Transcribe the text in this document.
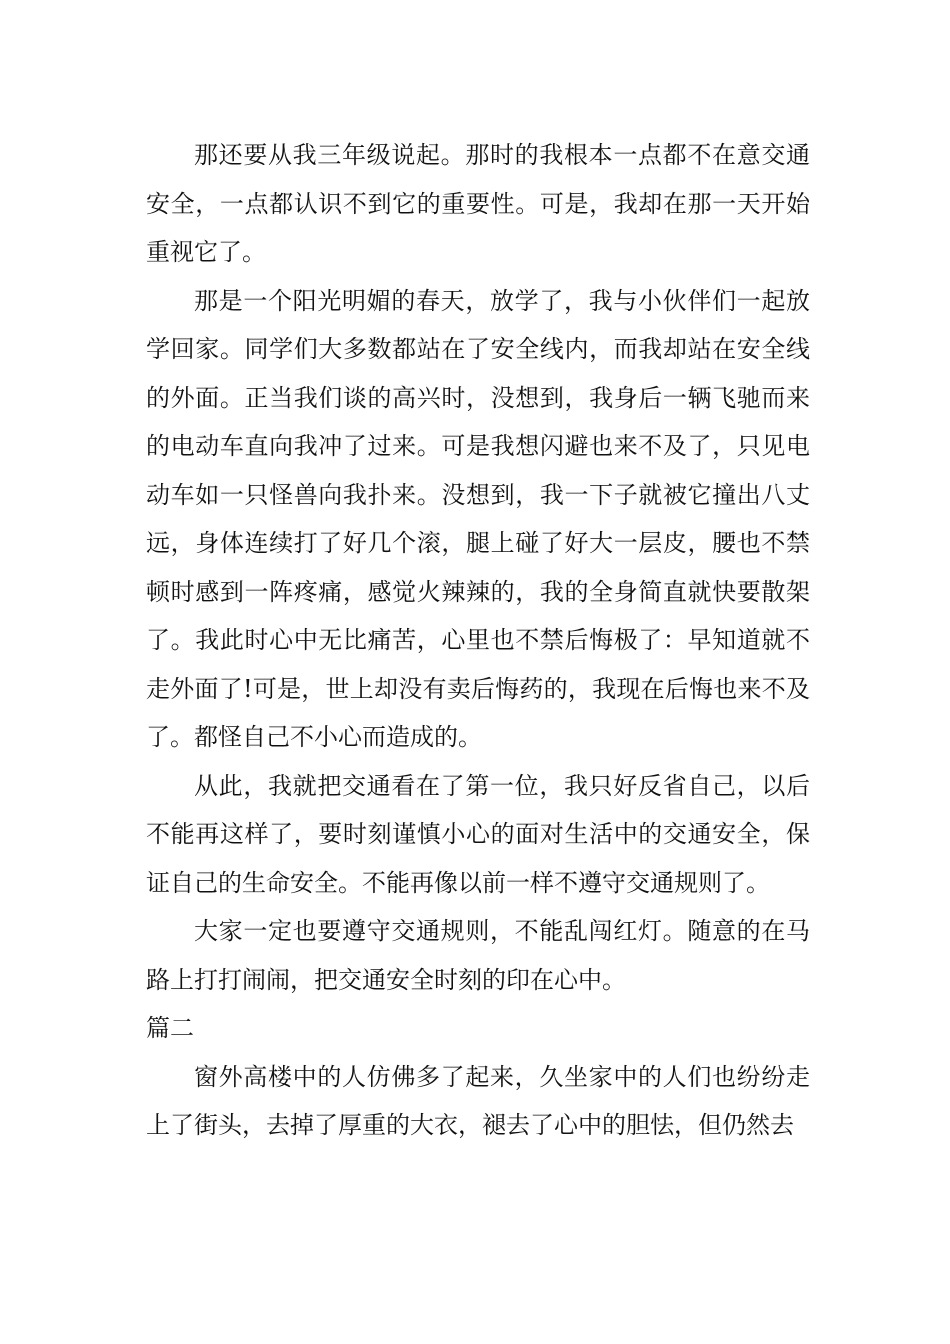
那还要从我三年级说起。那时的我根本一点都不在意交通安全，一点都认识不到它的重要性。可是，我却在那一天开始重视它了。

那是一个阳光明媚的春天，放学了，我与小伙伴们一起放学回家。同学们大多数都站在了安全线内，而我却站在安全线的外面。正当我们谈的高兴时，没想到，我身后一辆飞驰而来的电动车直向我冲了过来。可是我想闪避也来不及了，只见电动车如一只怪兽向我扑来。没想到，我一下子就被它撞出八丈远，身体连续打了好几个滚，腿上碰了好大一层皮，腰也不禁顿时感到一阵疼痛，感觉火辣辣的，我的全身简直就快要散架了。我此时心中无比痛苦，心里也不禁后悔极了：早知道就不走外面了!可是，世上却没有卖后悔药的，我现在后悔也来不及了。都怪自己不小心而造成的。

从此，我就把交通看在了第一位，我只好反省自己，以后不能再这样了，要时刻谨慎小心的面对生活中的交通安全，保证自己的生命安全。不能再像以前一样不遵守交通规则了。

大家一定也要遵守交通规则，不能乱闯红灯。随意的在马路上打打闹闹，把交通安全时刻的印在心中。

篇二

窗外高楼中的人仿佛多了起来，久坐家中的人们也纷纷走上了街头，去掉了厚重的大衣，褪去了心中的胆怯，但仍然去
